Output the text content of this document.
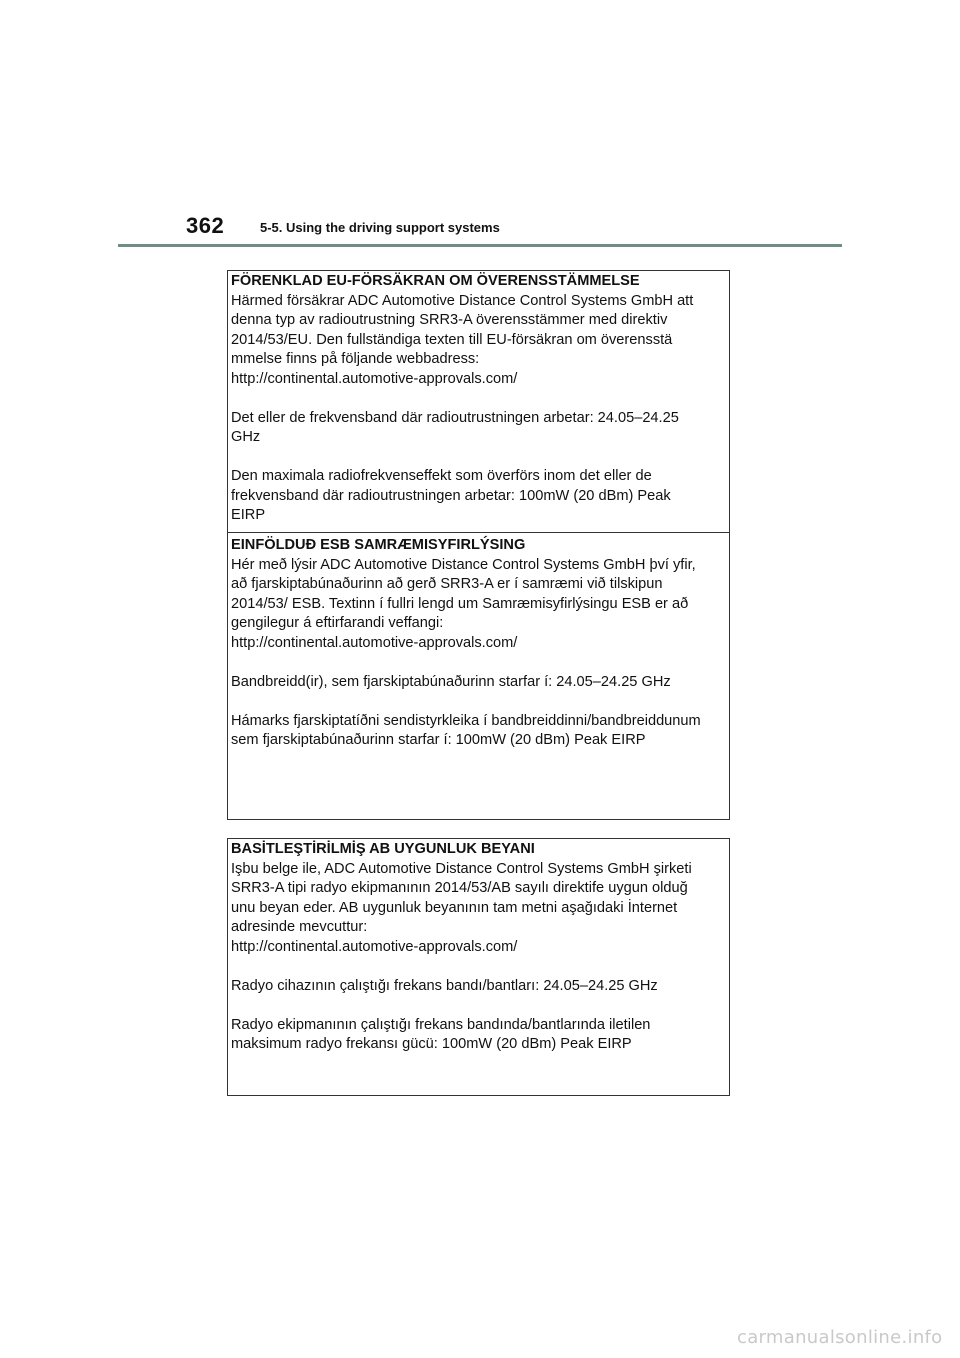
362	5-5. Using the driving support systems

FÖRENKLAD EU-FÖRSÄKRAN OM ÖVERENSSTÄMMELSE

Härmed försäkrar ADC Automotive Distance Control Systems GmbH att

denna typ av radioutrustning SRR3-A överensstämmer med direktiv

2014/53/EU. Den fullständiga texten till EU-försäkran om överensstä

mmelse finns på följande webbadress:

http://continental.automotive-approvals.com/

Det eller de frekvensband där radioutrustningen arbetar: 24.05–24.25

GHz

Den maximala radiofrekvenseffekt som överförs inom det eller de

frekvensband där radioutrustningen arbetar: 100mW (20 dBm) Peak

EIRP

EINFÖLDUÐ ESB SAMRÆMISYFIRLÝSING

Hér með lýsir ADC Automotive Distance Control Systems GmbH því yfir,

að fjarskiptabúnaðurinn að gerð SRR3-A er í samræmi við tilskipun

2014/53/ ESB. Textinn í fullri lengd um Samræmisyfirlýsingu ESB er að

gengilegur á eftirfarandi veffangi:

http://continental.automotive-approvals.com/

Bandbreidd(ir), sem fjarskiptabúnaðurinn starfar í: 24.05–24.25 GHz

Hámarks fjarskiptatíðni sendistyrkleika í bandbreiddinni/bandbreiddunum

sem fjarskiptabúnaðurinn starfar í: 100mW (20 dBm) Peak EIRP

BASİTLEŞTİRİLMİŞ AB UYGUNLUK BEYANI

Işbu belge ile, ADC Automotive Distance Control Systems GmbH şirketi

SRR3-A tipi radyo ekipmanının 2014/53/AB sayılı direktife uygun olduğ

unu beyan eder. AB uygunluk beyanının tam metni aşağıdaki İnternet

adresinde mevcuttur:

http://continental.automotive-approvals.com/

Radyo cihazının çalıştığı frekans bandı/bantları: 24.05–24.25 GHz

Radyo ekipmanının çalıştığı frekans bandında/bantlarında iletilen

maksimum radyo frekansı gücü: 100mW (20 dBm) Peak EIRP

carmanualsonline.info
